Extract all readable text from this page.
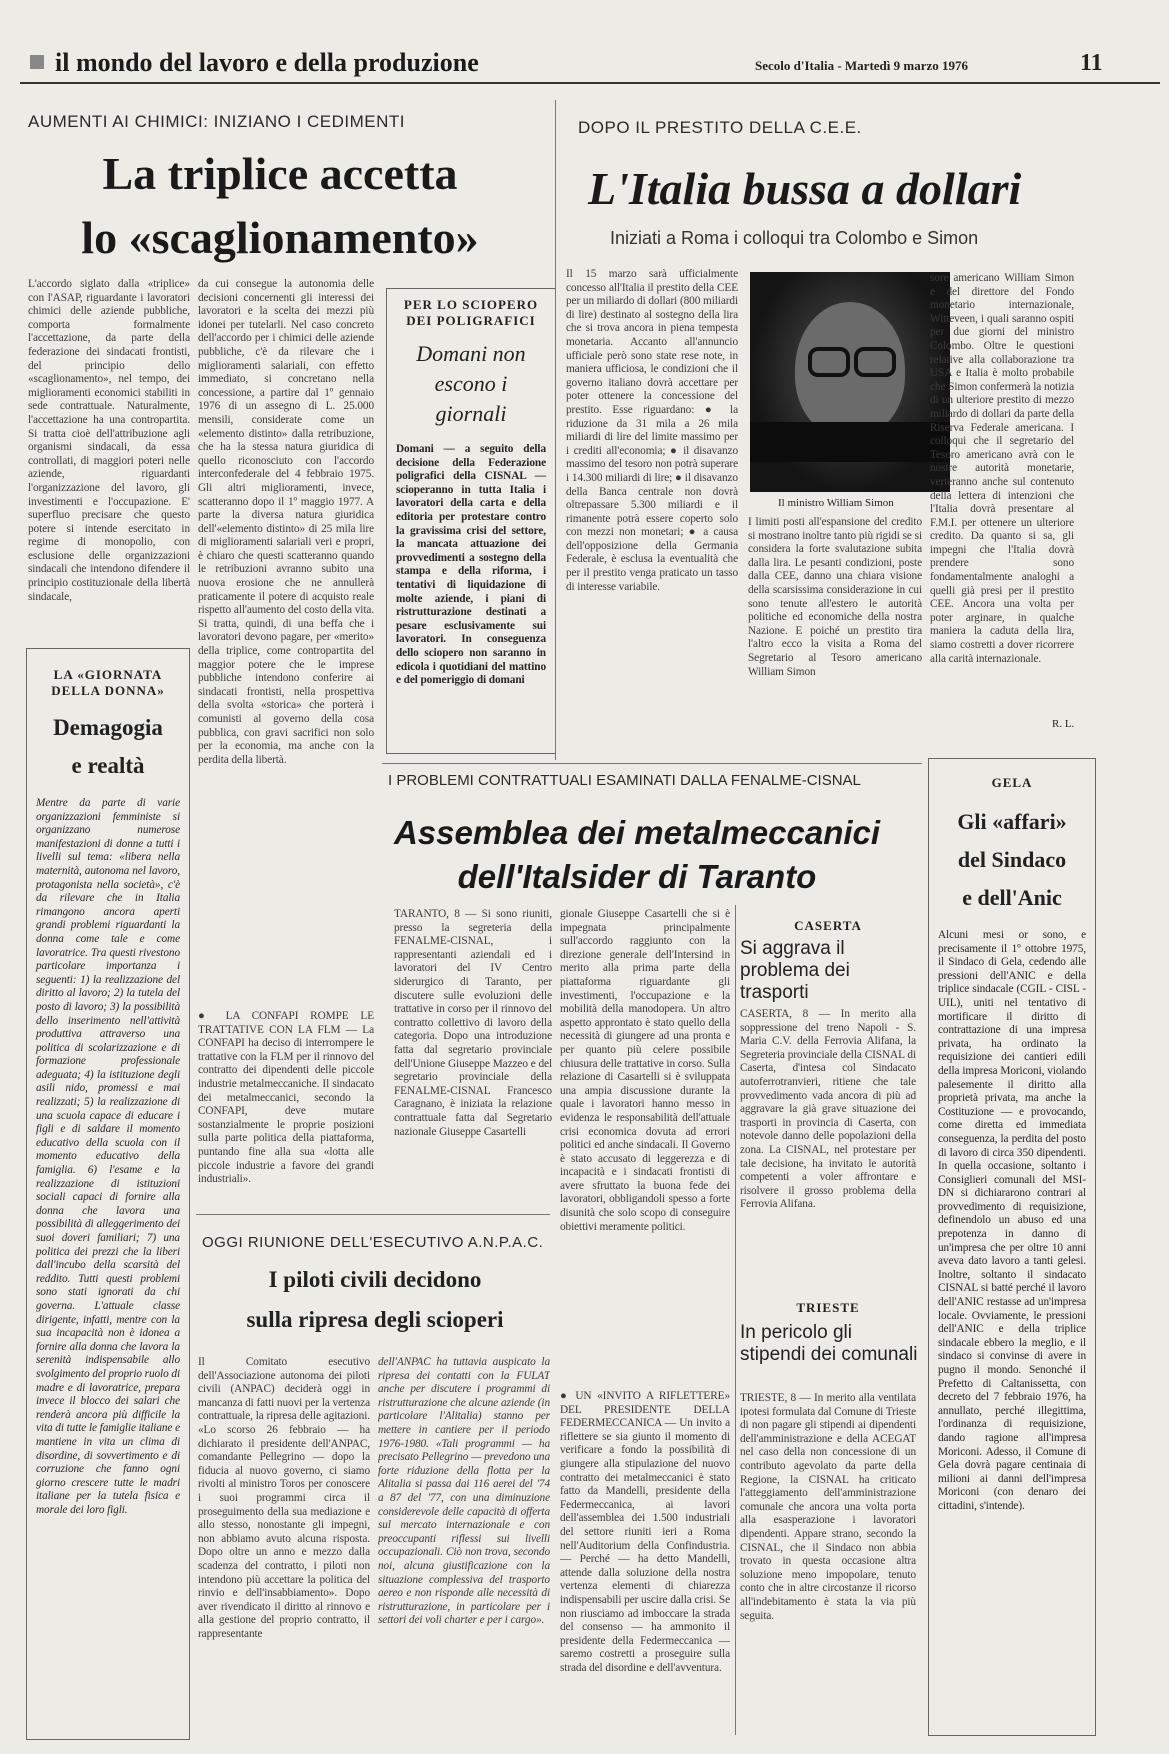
il mondo del lavoro e della produzione	Secolo d'Italia - Martedì 9 marzo 1976	11
AUMENTI AI CHIMICI: INIZIANO I CEDIMENTI
La triplice accetta
lo «scaglionamento»
L'accordo siglato dalla «triplice» con l'ASAP, riguardante i lavoratori chimici delle aziende pubbliche, comporta formalmente l'accettazione, da parte della federazione dei sindacati frontisti, del principio dello «scaglionamento», nel tempo, dei miglioramenti economici stabiliti in sede contrattuale. Naturalmente, l'accettazione ha una contropartita. Si tratta cioè dell'attribuzione agli organismi sindacali, da essa controllati, di maggiori poteri nelle aziende, riguardanti l'organizzazione del lavoro, gli investimenti e l'occupazione. E' superfluo precisare che questo potere si intende esercitato in regime di monopolio, con esclusione delle organizzazioni sindacali che intendono difendere il principio costituzionale della libertà sindacale,
da cui consegue la autonomia delle decisioni concernenti gli interessi dei lavoratori e la scelta dei mezzi più idonei per tutelarli. Nel caso concreto dell'accordo per i chimici delle aziende pubbliche, c'è da rilevare che i miglioramenti salariali, con effetto immediato, si concretano nella concessione, a partire dal 1º gennaio 1976 di un assegno di L. 25.000 mensili, considerate come un «elemento distinto» dalla retribuzione, che ha la stessa natura giuridica di quello riconosciuto con l'accordo interconfederale del 4 febbraio 1975. Gli altri miglioramenti, invece, scatteranno dopo il 1º maggio 1977. A parte la diversa natura giuridica dell'«elemento distinto» di 25 mila lire di miglioramenti salariali veri e propri, è chiaro che questi scatteranno quando le retribuzioni avranno subito una nuova erosione che ne annullerà praticamente il potere di acquisto reale rispetto all'aumento del costo della vita. Si tratta, quindi, di una beffa che i lavoratori devono pagare, per «merito» della triplice, come contropartita del maggior potere che le imprese pubbliche intendono conferire ai sindacati frontisti, nella prospettiva della svolta «storica» che porterà i comunisti al governo della cosa pubblica, con gravi sacrifici non solo per la economia, ma anche con la perdita della libertà.
PER LO SCIOPERO DEI POLIGRAFICI
Domani non escono i giornali
Domani — a seguito della decisione della Federazione poligrafici della CISNAL — scioperanno in tutta Italia i lavoratori della carta e della editoria per protestare contro la gravissima crisi del settore, la mancata attuazione dei provvedimenti a sostegno della stampa e della riforma, i tentativi di liquidazione di molte aziende, i piani di ristrutturazione destinati a pesare esclusivamente sui lavoratori. In conseguenza dello sciopero non saranno in edicola i quotidiani del mattino e del pomeriggio di domani
DOPO IL PRESTITO DELLA C.E.E.
L'Italia bussa a dollari
Iniziati a Roma i colloqui tra Colombo e Simon
Il 15 marzo sarà ufficialmente concesso all'Italia il prestito della CEE per un miliardo di dollari (800 miliardi di lire) destinato al sostegno della lira che si trova ancora in piena tempesta monetaria. Accanto all'annuncio ufficiale però sono state rese note, in maniera ufficiosa, le condizioni che il governo italiano dovrà accettare per poter ottenere la concessione del prestito. Esse riguardano: ● la riduzione da 31 mila a 26 mila miliardi di lire del limite massimo per i crediti all'economia; ● il disavanzo massimo del tesoro non potrà superare i 14.300 miliardi di lire; ● il disavanzo della Banca centrale non dovrà oltrepassare 5.300 miliardi e il rimanente potrà essere coperto solo con mezzi non monetari; ● a causa dell'opposizione della Germania Federale, è esclusa la eventualità che per il prestito venga praticato un tasso di interesse variabile.
Il ministro William Simon
I limiti posti all'espansione del credito si mostrano inoltre tanto più rigidi se si considera la forte svalutazione subita dalla lira. Le pesanti condizioni, poste dalla CEE, danno una chiara visione della scarsissima considerazione in cui sono tenute all'estero le autorità politiche ed economiche della nostra Nazione. E poiché un prestito tira l'altro ecco la visita a Roma del Segretario al Tesoro americano William Simon
sore americano William Simon e del direttore del Fondo monetario internazionale, Witteveen, i quali saranno ospiti per due giorni del ministro Colombo. Oltre le questioni relative alla collaborazione tra USA e Italia è molto probabile che Simon confermerà la notizia di un ulteriore prestito di mezzo miliardo di dollari da parte della Riserva Federale americana. I colloqui che il segretario del Tesoro americano avrà con le nostre autorità monetarie, verteranno anche sul contenuto della lettera di intenzioni che l'Italia dovrà presentare al F.M.I. per ottenere un ulteriore credito. Da quanto si sa, gli impegni che l'Italia dovrà prendere sono fondamentalmente analoghi a quelli già presi per il prestito CEE. Ancora una volta per poter arginare, in qualche maniera la caduta della lira, siamo costretti a dover ricorrere alla carità internazionale.
R. L.
LA «GIORNATA DELLA DONNA»
Demagogia
e realtà
Mentre da parte di varie organizzazioni femministe si organizzano numerose manifestazioni di donne a tutti i livelli sul tema: «libera nella maternità, autonoma nel lavoro, protagonista nella società», c'è da rilevare che in Italia rimangono ancora aperti grandi problemi riguardanti la donna come tale e come lavoratrice. Tra questi rivestono particolare importanza i seguenti: 1) la realizzazione del diritto al lavoro; 2) la tutela del posto di lavoro; 3) la possibilità dello inserimento nell'attività produttiva attraverso una politica di scolarizzazione e di formazione professionale adeguata; 4) la istituzione degli asili nido, promessi e mai realizzati; 5) la realizzazione di una scuola capace di educare i figli e di saldare il momento educativo della scuola con il momento educativo della famiglia. 6) l'esame e la realizzazione di istituzioni sociali capaci di fornire alla donna che lavora una possibilità di alleggerimento dei suoi doveri familiari; 7) una politica dei prezzi che la liberi dall'incubo della scarsità del reddito. Tutti questi problemi sono stati ignorati da chi governa. L'attuale classe dirigente, infatti, mentre con la sua incapacità non è idonea a fornire alla donna che lavora la serenità indispensabile allo svolgimento del proprio ruolo di madre e di lavoratrice, prepara invece il blocco dei salari che renderà ancora più difficile la vita di tutte le famiglie italiane e mantiene in vita un clima di disordine, di sovvertimento e di corruzione che fanno ogni giorno crescere tutte le madri italiane per la tutela fisica e morale dei loro figli.
I PROBLEMI CONTRATTUALI ESAMINATI DALLA FENALME-CISNAL
Assemblea dei metalmeccanici
dell'Italsider di Taranto
TARANTO, 8 — Si sono riuniti, presso la segreteria della FENALME-CISNAL, i rappresentanti aziendali ed i lavoratori del IV Centro siderurgico di Taranto, per discutere sulle evoluzioni delle trattative in corso per il rinnovo del contratto collettivo di lavoro della categoria. Dopo una introduzione fatta dal segretario provinciale dell'Unione Giuseppe Mazzeo e del segretario provinciale della FENALME-CISNAL Francesco Caragnano, è iniziata la relazione contrattuale fatta dal Segretario nazionale Giuseppe Casartelli
gionale Giuseppe Casartelli che si è impegnata principalmente sull'accordo raggiunto con la direzione generale dell'Intersind in merito alla prima parte della piattaforma riguardante gli investimenti, l'occupazione e la mobilità della manodopera. Un altro aspetto approntato è stato quello della necessità di giungere ad una pronta e per quanto più celere possibile chiusura delle trattative in corso. Sulla relazione di Casartelli si è sviluppata una ampia discussione durante la quale i lavoratori hanno messo in evidenza le responsabilità dell'attuale crisi economica dovuta ad errori politici ed anche sindacali. Il Governo è stato accusato di leggerezza e di incapacità e i sindacati frontisti di avere sfruttato la buona fede dei lavoratori, obbligandoli spesso a forte disunità che solo scopo di conseguire obiettivi meramente politici.
● LA CONFAPI ROMPE LE TRATTATIVE CON LA FLM — La CONFAPI ha deciso di interrompere le trattative con la FLM per il rinnovo del contratto dei dipendenti delle piccole industrie metalmeccaniche. Il sindacato dei metalmeccanici, secondo la CONFAPI, deve mutare sostanzialmente le proprie posizioni sulla parte politica della piattaforma, puntando fine alla sua «lotta alle piccole industrie a favore dei grandi industriali».
CASERTA
Si aggrava il problema dei trasporti
CASERTA, 8 — In merito alla soppressione del treno Napoli - S. Maria C.V. della Ferrovia Alifana, la Segreteria provinciale della CISNAL di Caserta, d'intesa col Sindacato autoferrotranvieri, ritiene che tale provvedimento vada ancora di più ad aggravare la già grave situazione dei trasporti in provincia di Caserta, con notevole danno delle popolazioni della zona. La CISNAL, nel protestare per tale decisione, ha invitato le autorità competenti a voler affrontare e risolvere il grosso problema della Ferrovia Alifana.
TRIESTE
In pericolo gli stipendi dei comunali
TRIESTE, 8 — In merito alla ventilata ipotesi formulata dal Comune di Trieste di non pagare gli stipendi ai dipendenti dell'amministrazione e della ACEGAT nel caso della non concessione di un contributo agevolato da parte della Regione, la CISNAL ha criticato l'atteggiamento dell'amministrazione comunale che ancora una volta porta alla esasperazione i lavoratori dipendenti. Appare strano, secondo la CISNAL, che il Sindaco non abbia trovato in questa occasione altra soluzione meno impopolare, tenuto conto che in altre circostanze il ricorso all'indebitamento è stata la via più seguita.
GELA
Gli «affari»
del Sindaco
e dell'Anic
Alcuni mesi or sono, e precisamente il 1º ottobre 1975, il Sindaco di Gela, cedendo alle pressioni dell'ANIC e della triplice sindacale (CGIL - CISL - UIL), uniti nel tentativo di mortificare il diritto di contrattazione di una impresa privata, ha ordinato la requisizione dei cantieri edili della impresa Moriconi, violando palesemente il diritto alla proprietà privata, ma anche la Costituzione — e provocando, come diretta ed immediata conseguenza, la perdita del posto di lavoro di circa 350 dipendenti. In quella occasione, soltanto i Consiglieri comunali del MSI-DN si dichiararono contrari al provvedimento di requisizione, definendolo un abuso ed una prepotenza in danno di un'impresa che per oltre 10 anni aveva dato lavoro a tanti gelesi. Inoltre, soltanto il sindacato CISNAL si batté perché il lavoro dell'ANIC restasse ad un'impresa locale. Ovviamente, le pressioni dell'ANIC e della triplice sindacale ebbero la meglio, e il sindaco si convinse di avere in pugno il mondo. Senonché il Prefetto di Caltanissetta, con decreto del 7 febbraio 1976, ha annullato, perché illegittima, l'ordinanza di requisizione, dando ragione all'impresa Moriconi. Adesso, il Comune di Gela dovrà pagare centinaia di milioni ai danni dell'impresa Moriconi (con denaro dei cittadini, s'intende).
OGGI RIUNIONE DELL'ESECUTIVO A.N.P.A.C.
I piloti civili decidono
sulla ripresa degli scioperi
Il Comitato esecutivo dell'Associazione autonoma dei piloti civili (ANPAC) deciderà oggi in mancanza di fatti nuovi per la vertenza contrattuale, la ripresa delle agitazioni. «Lo scorso 26 febbraio — ha dichiarato il presidente dell'ANPAC, comandante Pellegrino — dopo la fiducia al nuovo governo, ci siamo rivolti al ministro Toros per conoscere i suoi programmi circa il proseguimento della sua mediazione e allo stesso, nonostante gli impegni, non abbiamo avuto alcuna risposta. Dopo oltre un anno e mezzo dalla scadenza del contratto, i piloti non intendono più accettare la politica del rinvio e dell'insabbiamento». Dopo aver rivendicato il diritto al rinnovo e alla gestione del proprio contratto, il rappresentante
dell'ANPAC ha tuttavia auspicato la ripresa dei contatti con la FULAT anche per discutere i programmi di ristrutturazione che alcune aziende (in particolare l'Alitalia) stanno per mettere in cantiere per il periodo 1976-1980. «Tali programmi — ha precisato Pellegrino — prevedono una forte riduzione della flotta per la Alitalia si passa dai 116 aerei del '74 a 87 del '77, con una diminuzione considerevole delle capacità di offerta sul mercato internazionale e con preoccupanti riflessi sui livelli occupazionali. Ciò non trova, secondo noi, alcuna giustificazione con la situazione complessiva del trasporto aereo e non risponde alle necessità di ristrutturazione, in particolare per i settori dei voli charter e per i cargo».
● UN «INVITO A RIFLETTERE» DEL PRESIDENTE DELLA FEDERMECCANICA — Un invito a riflettere se sia giunto il momento di verificare a fondo la possibilità di giungere alla stipulazione del nuovo contratto dei metalmeccanici è stato fatto da Mandelli, presidente della Federmeccanica, ai lavori dell'assemblea dei 1.500 industriali del settore riuniti ieri a Roma nell'Auditorium della Confindustria. — Perché — ha detto Mandelli, attende dalla soluzione della nostra vertenza elementi di chiarezza indispensabili per uscire dalla crisi. Se non riusciamo ad imboccare la strada del consenso — ha ammonito il presidente della Federmeccanica — saremo costretti a proseguire sulla strada del disordine e dell'avventura.
